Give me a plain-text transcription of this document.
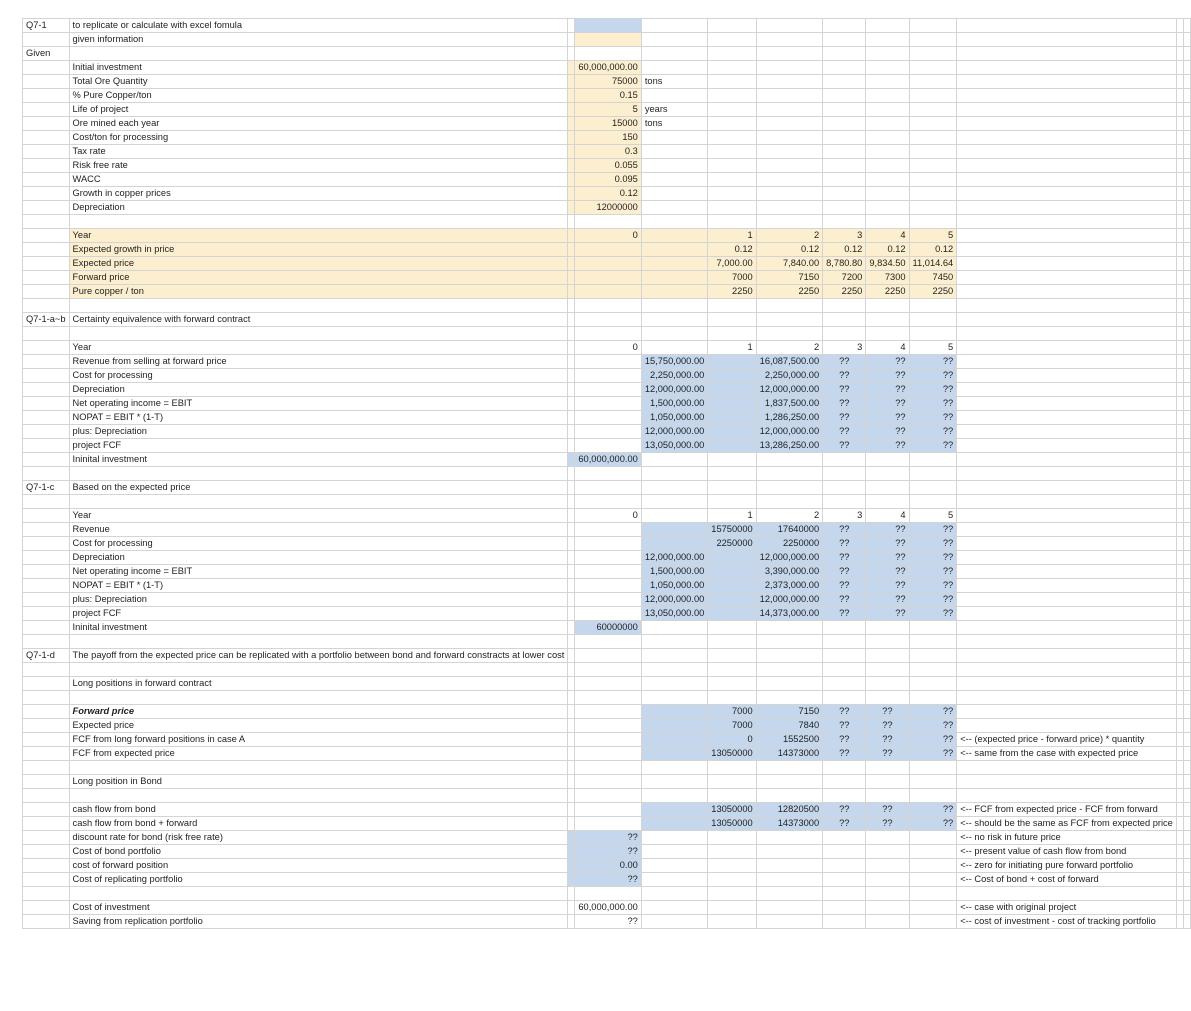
Q7-1	to replicate or calculate with excel fomula											
	given information											
Given												
	Initial investment		60,000,000.00									
	Total Ore Quantity		75000	tons								
	% Pure Copper/ton		0.15									
	Life of project		5	years								
	Ore mined each year		15000	tons								
	Cost/ton for processing		150									
	Tax rate		0.3									
	Risk free rate		0.055									
	WACC		0.095									
	Growth in copper prices		0.12									
	Depreciation		12000000									

	Year		0		1	2	3	4	5			
	Expected growth in price				0.12	0.12	0.12	0.12	0.12			
	Expected price				7,000.00	7,840.00	8,780.80	9,834.50	11,014.64			
	Forward price				7000	7150	7200	7300	7450			
	Pure copper / ton				2250	2250	2250	2250	2250			

Q7-1-a~b	Certainty equivalence with forward contract											

	Year		0		1	2	3	4	5			
	Revenue from selling at forward price			15,750,000.00		16,087,500.00	??	??	??			
	Cost for processing			2,250,000.00		2,250,000.00	??	??	??			
	Depreciation			12,000,000.00		12,000,000.00	??	??	??			
	Net operating income = EBIT			1,500,000.00		1,837,500.00	??	??	??			
	NOPAT = EBIT * (1-T)			1,050,000.00		1,286,250.00	??	??	??			
	plus: Depreciation			12,000,000.00		12,000,000.00	??	??	??			
	project FCF			13,050,000.00		13,286,250.00	??	??	??			
	Ininital investment		60,000,000.00									

Q7-1-c	Based on the expected price											

	Year		0		1	2	3	4	5			
	Revenue				15750000	17640000	??	??	??			
	Cost for processing				2250000	2250000	??	??	??			
	Depreciation			12,000,000.00		12,000,000.00	??	??	??			
	Net operating income = EBIT			1,500,000.00		3,390,000.00	??	??	??			
	NOPAT = EBIT * (1-T)			1,050,000.00		2,373,000.00	??	??	??			
	plus: Depreciation			12,000,000.00		12,000,000.00	??	??	??			
	project FCF			13,050,000.00		14,373,000.00	??	??	??			
	Ininital investment		60000000									

Q7-1-d	The payoff from the expected price can be replicated with a portfolio between bond and forward constracts at lower cost											

	Long positions in forward contract											

	Forward price				7000	7150	??	??	??			
	Expected price				7000	7840	??	??	??			
	FCF from long forward positions in case A				0	1552500	??	??	??	<-- (expected price - forward price) * quantity		
	FCF from expected price				13050000	14373000	??	??	??	<-- same from the case with expected price		

	Long position in Bond											

	cash flow from bond				13050000	12820500	??	??	??	<-- FCF from expected price - FCF from forward		
	cash flow from bond + forward				13050000	14373000	??	??	??	<-- should be the same as FCF from expected price		
	discount rate for bond (risk free rate)		??							<-- no risk in future price		
	Cost of bond portfolio		??							<-- present value of cash flow from bond		
	cost of forward position		0.00							<-- zero for initiating pure forward portfolio		
	Cost of replicating portfolio		??							<-- Cost of bond + cost of forward		

	Cost of investment		60,000,000.00							<-- case with original project		
	Saving from replication portfolio		??							<-- cost of investment - cost of tracking portfolio		
